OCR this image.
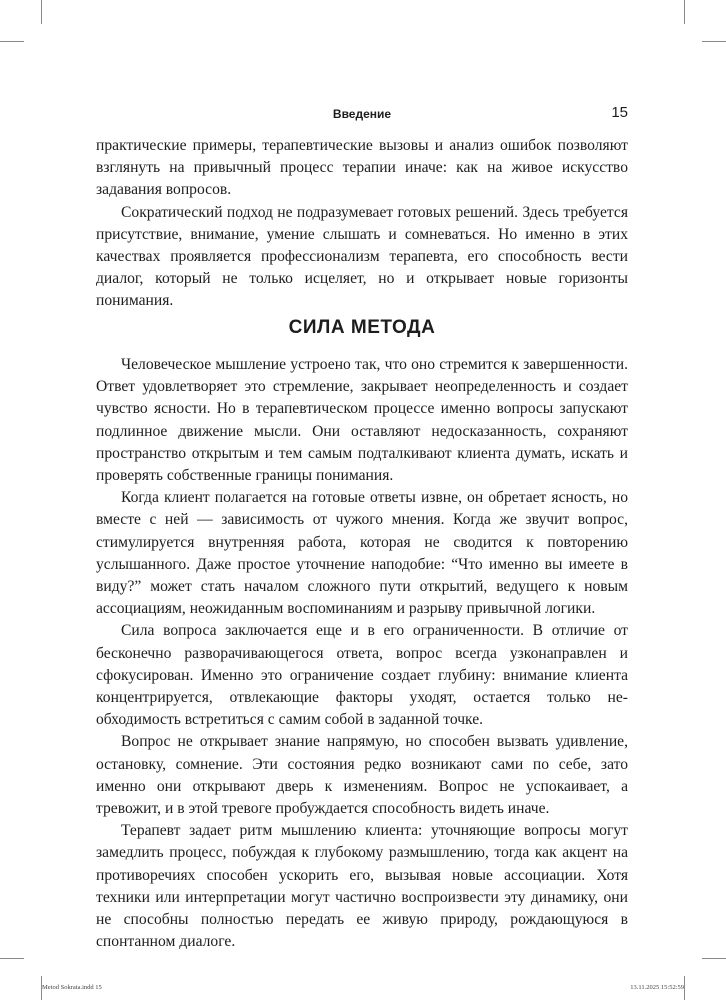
Введение	15

практические примеры, терапевтические вызовы и анализ ошибок позволяют взглянуть на привычный процесс терапии иначе: как на живое искусство задавания вопросов.

Сократический подход не подразумевает готовых решений. Здесь требуется присутствие, внимание, умение слышать и сомневаться. Но именно в этих качествах проявляется профессионализм терапевта, его способность вести диалог, который не только исцеляет, но и открывает новые горизонты понимания.

СИЛА МЕТОДА

Человеческое мышление устроено так, что оно стремится к завершенности. Ответ удовлетворяет это стремление, закрывает неопределенность и создает чувство ясности. Но в терапевтическом процессе именно вопросы запускают подлинное движение мысли. Они оставляют недосказанность, сохраняют пространство открытым и тем самым подталкивают клиента думать, искать и проверять собственные границы понимания.

Когда клиент полагается на готовые ответы извне, он обретает ясность, но вместе с ней — зависимость от чужого мнения. Когда же звучит вопрос, стимулируется внутренняя работа, которая не сводится к повторению услышанного. Даже простое уточнение наподобие: “Что именно вы имеете в виду?” может стать началом сложного пути открытий, ведущего к новым ассоциациям, неожиданным воспоминаниям и разрыву привычной логики.

Сила вопроса заключается еще и в его ограниченности. В отличие от бесконечно разворачивающегося ответа, вопрос всегда узконаправлен и сфокусирован. Именно это ограничение создает глубину: внимание клиента концентрируется, отвлекающие факторы уходят, остается только необходимость встретиться с самим собой в заданной точке.

Вопрос не открывает знание напрямую, но способен вызвать удивление, остановку, сомнение. Эти состояния редко возникают сами по себе, зато именно они открывают дверь к изменениям. Вопрос не успокаивает, а тревожит, и в этой тревоге пробуждается способность видеть иначе.

Терапевт задает ритм мышлению клиента: уточняющие вопросы могут замедлить процесс, побуждая к глубокому размышлению, тогда как акцент на противоречиях способен ускорить его, вызывая новые ассоциации. Хотя техники или интерпретации могут частично воспроизвести эту динамику, они не способны полностью передать ее живую природу, рождающуюся в спонтанном диалоге.

Metod Sokrata.indd 15	13.11.2025 15:52:59
